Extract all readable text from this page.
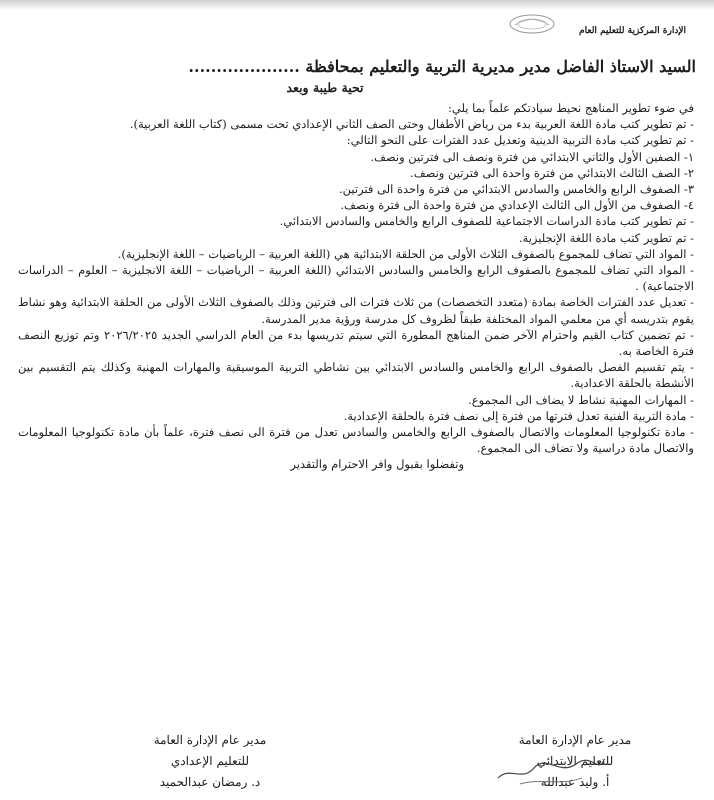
الإدارة المركزية للتعليم العام
السيد الاستاذ الفاضل مدير مديرية التربية والتعليم بمحافظة ....................
تحية طيبة وبعد

في ضوء تطوير المناهج نحيط سيادتكم علماً بما يلي:

- تم تطوير كتب مادة اللغة العربية بدء من رياض الأطفال وحتى الصف الثاني الإعدادي تحت مسمى (كتاب اللغة العربية).

- تم تطوير كتب مادة التربية الدينية وتعديل عدد الفترات على النحو التالي:

١- الصفين الأول والثاني الابتدائي من فترة ونصف الى فترتين ونصف.

٢- الصف الثالث الابتدائي من فترة واحدة الى فترتين ونصف.

٣- الصفوف الرابع والخامس والسادس الابتدائي من فترة واحدة الى فترتين.

٤- الصفوف من الأول الى الثالث الإعدادي من فترة واحدة الى فترة ونصف.

- تم تطوير كتب مادة الدراسات الاجتماعية للصفوف الرابع والخامس والسادس الابتدائي.

- تم تطوير كتب مادة اللغة الإنجليزية.

- المواد التي تضاف للمجموع بالصفوف الثلاث الأولى من الحلقة الابتدائية هي (اللغة العربية – الرياضيات – اللغة الإنجليزية).

- المواد التي تضاف للمجموع بالصفوف الرابع والخامس والسادس الابتدائي (اللغة العربية – الرياضيات – اللغة الانجليزية – العلوم – الدراسات الاجتماعية) .

- تعديل عدد الفترات الخاصة بمادة (متعدد التخصصات) من ثلاث فترات الى فترتين وذلك بالصفوف الثلاث الأولى من الحلقة الابتدائية وهو نشاط يقوم بتدريسه أي من معلمي المواد المختلفة طبقاً لظروف كل مدرسة ورؤية مدير المدرسة.

- تم تضمين كتاب القيم واحترام الآخر ضمن المناهج المطورة التي سيتم تدريسها بدء من العام الدراسي الجديد ٢٠٢٦/٢٠٢٥ وتم توزيع النصف فترة الخاصة به.

- يتم تقسيم الفصل بالصفوف الرابع والخامس والسادس الابتدائي بين نشاطي التربية الموسيقية والمهارات المهنية وكذلك يتم التقسيم بين الأنشطة بالحلقة الاعدادية.

- المهارات المهنية نشاط لا يضاف الى المجموع.

- مادة التربية الفنية تعدل فترتها من فترة إلى نصف فترة بالحلقة الإعدادية.

- مادة تكنولوجيا المعلومات والاتصال بالصفوف الرابع والخامس والسادس تعدل من فترة الى نصف فترة، علماً بأن مادة تكنولوجيا المعلومات والاتصال مادة دراسية ولا تضاف الى المجموع.

وتفضلوا بقبول وافر الاحترام والتقدير

مدير عام الإدارة العامة
للتعليم الابتدائي
أ. وليد عبدالله
مدير عام الإدارة العامة
للتعليم الإعدادي
د. رمضان عبدالحميد
